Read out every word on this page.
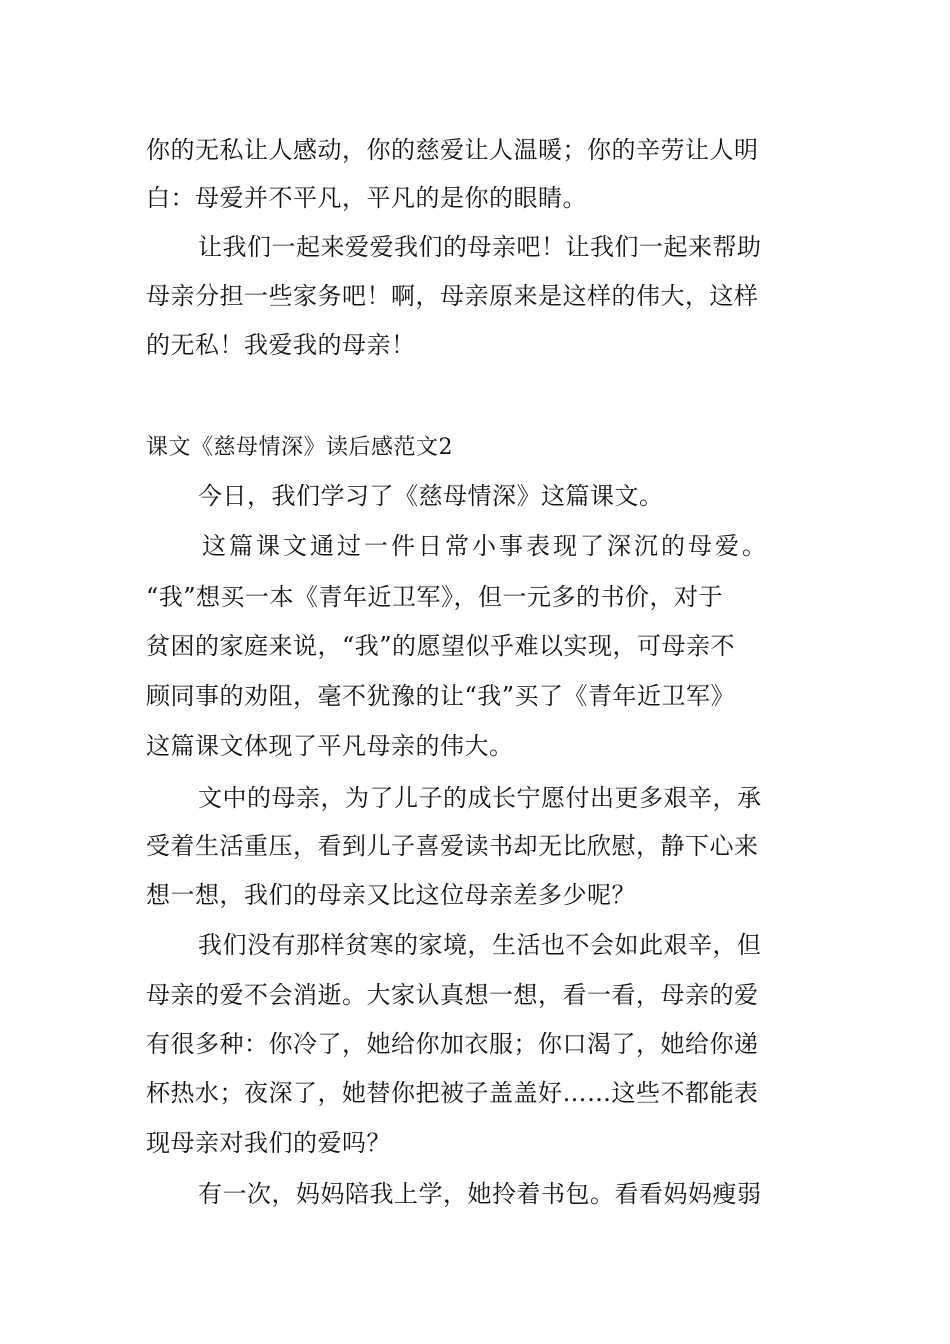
你的无私让人感动，你的慈爱让人温暖；你的辛劳让人明
白：母爱并不平凡，平凡的是你的眼睛。
让我们一起来爱爱我们的母亲吧！让我们一起来帮助
母亲分担一些家务吧！啊，母亲原来是这样的伟大，这样
的无私！我爱我的母亲！
课文《慈母情深》读后感范文2
今日，我们学习了《慈母情深》这篇课文。
这篇课文通过一件日常小事表现了深沉的母爱。
“我”想买一本《青年近卫军》，但一元多的书价，对于
贫困的家庭来说，“我”的愿望似乎难以实现，可母亲不
顾同事的劝阻，毫不犹豫的让“我”买了《青年近卫军》
这篇课文体现了平凡母亲的伟大。
文中的母亲，为了儿子的成长宁愿付出更多艰辛，承
受着生活重压，看到儿子喜爱读书却无比欣慰，静下心来
想一想，我们的母亲又比这位母亲差多少呢？
我们没有那样贫寒的家境，生活也不会如此艰辛，但
母亲的爱不会消逝。大家认真想一想，看一看，母亲的爱
有很多种：你冷了，她给你加衣服；你口渴了，她给你递
杯热水；夜深了，她替你把被子盖盖好……这些不都能表
现母亲对我们的爱吗？
有一次，妈妈陪我上学，她拎着书包。看看妈妈瘦弱
